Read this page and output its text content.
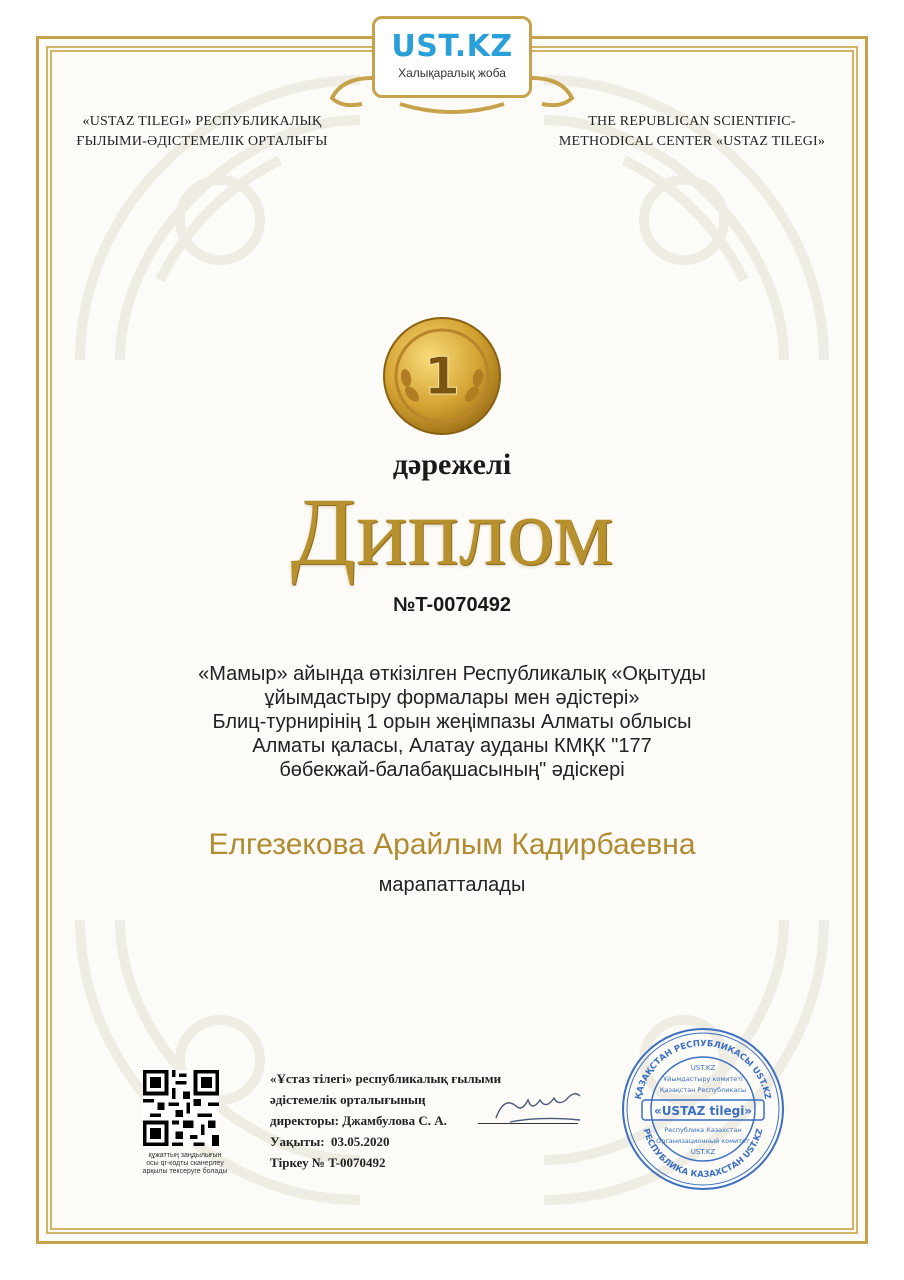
UST.KZ
Халықаралық жоба
«USTAZ TILEGI» РЕСПУБЛИКАЛЫҚ
ҒЫЛЫМИ-ӘДІСТЕМЕЛІК ОРТАЛЫҒЫ
THE REPUBLICAN SCIENTIFIC-
METHODICAL CENTER «USTAZ TILEGI»
1
дәрежелі
Диплом
№T-0070492
«Мамыр» айында өткізілген Республикалық «Оқытуды
ұйымдастыру формалары мен әдістері»
Блиц-турнирінің 1 орын жеңімпазы Алматы облысы
Алматы қаласы, Алатау ауданы КМҚК "177
бөбекжай-балабақшасының" әдіскері
Елгезекова Арайлым Кадирбаевна
марапатталады
құжаттың заңдылығын
осы qr-кодты сканерлеу
арқылы тексеруге болады
«Ұстаз тілегі» республикалық ғылыми
әдістемелік орталығының
директоры: Джамбулова С. А.
Уақыты: 03.05.2020
Тіркеу № T-0070492
ҚАЗАҚСТАН РЕСПУБЛИКАСЫ UST.KZ
РЕСПУБЛИКА КАЗАХСТАН UST.KZ
UST.KZ
Ұйымдастыру комитеті
Қазақстан Республикасы
«USTAZ tilegi»
Республика Казахстан
Организационный комитет
UST.KZ
